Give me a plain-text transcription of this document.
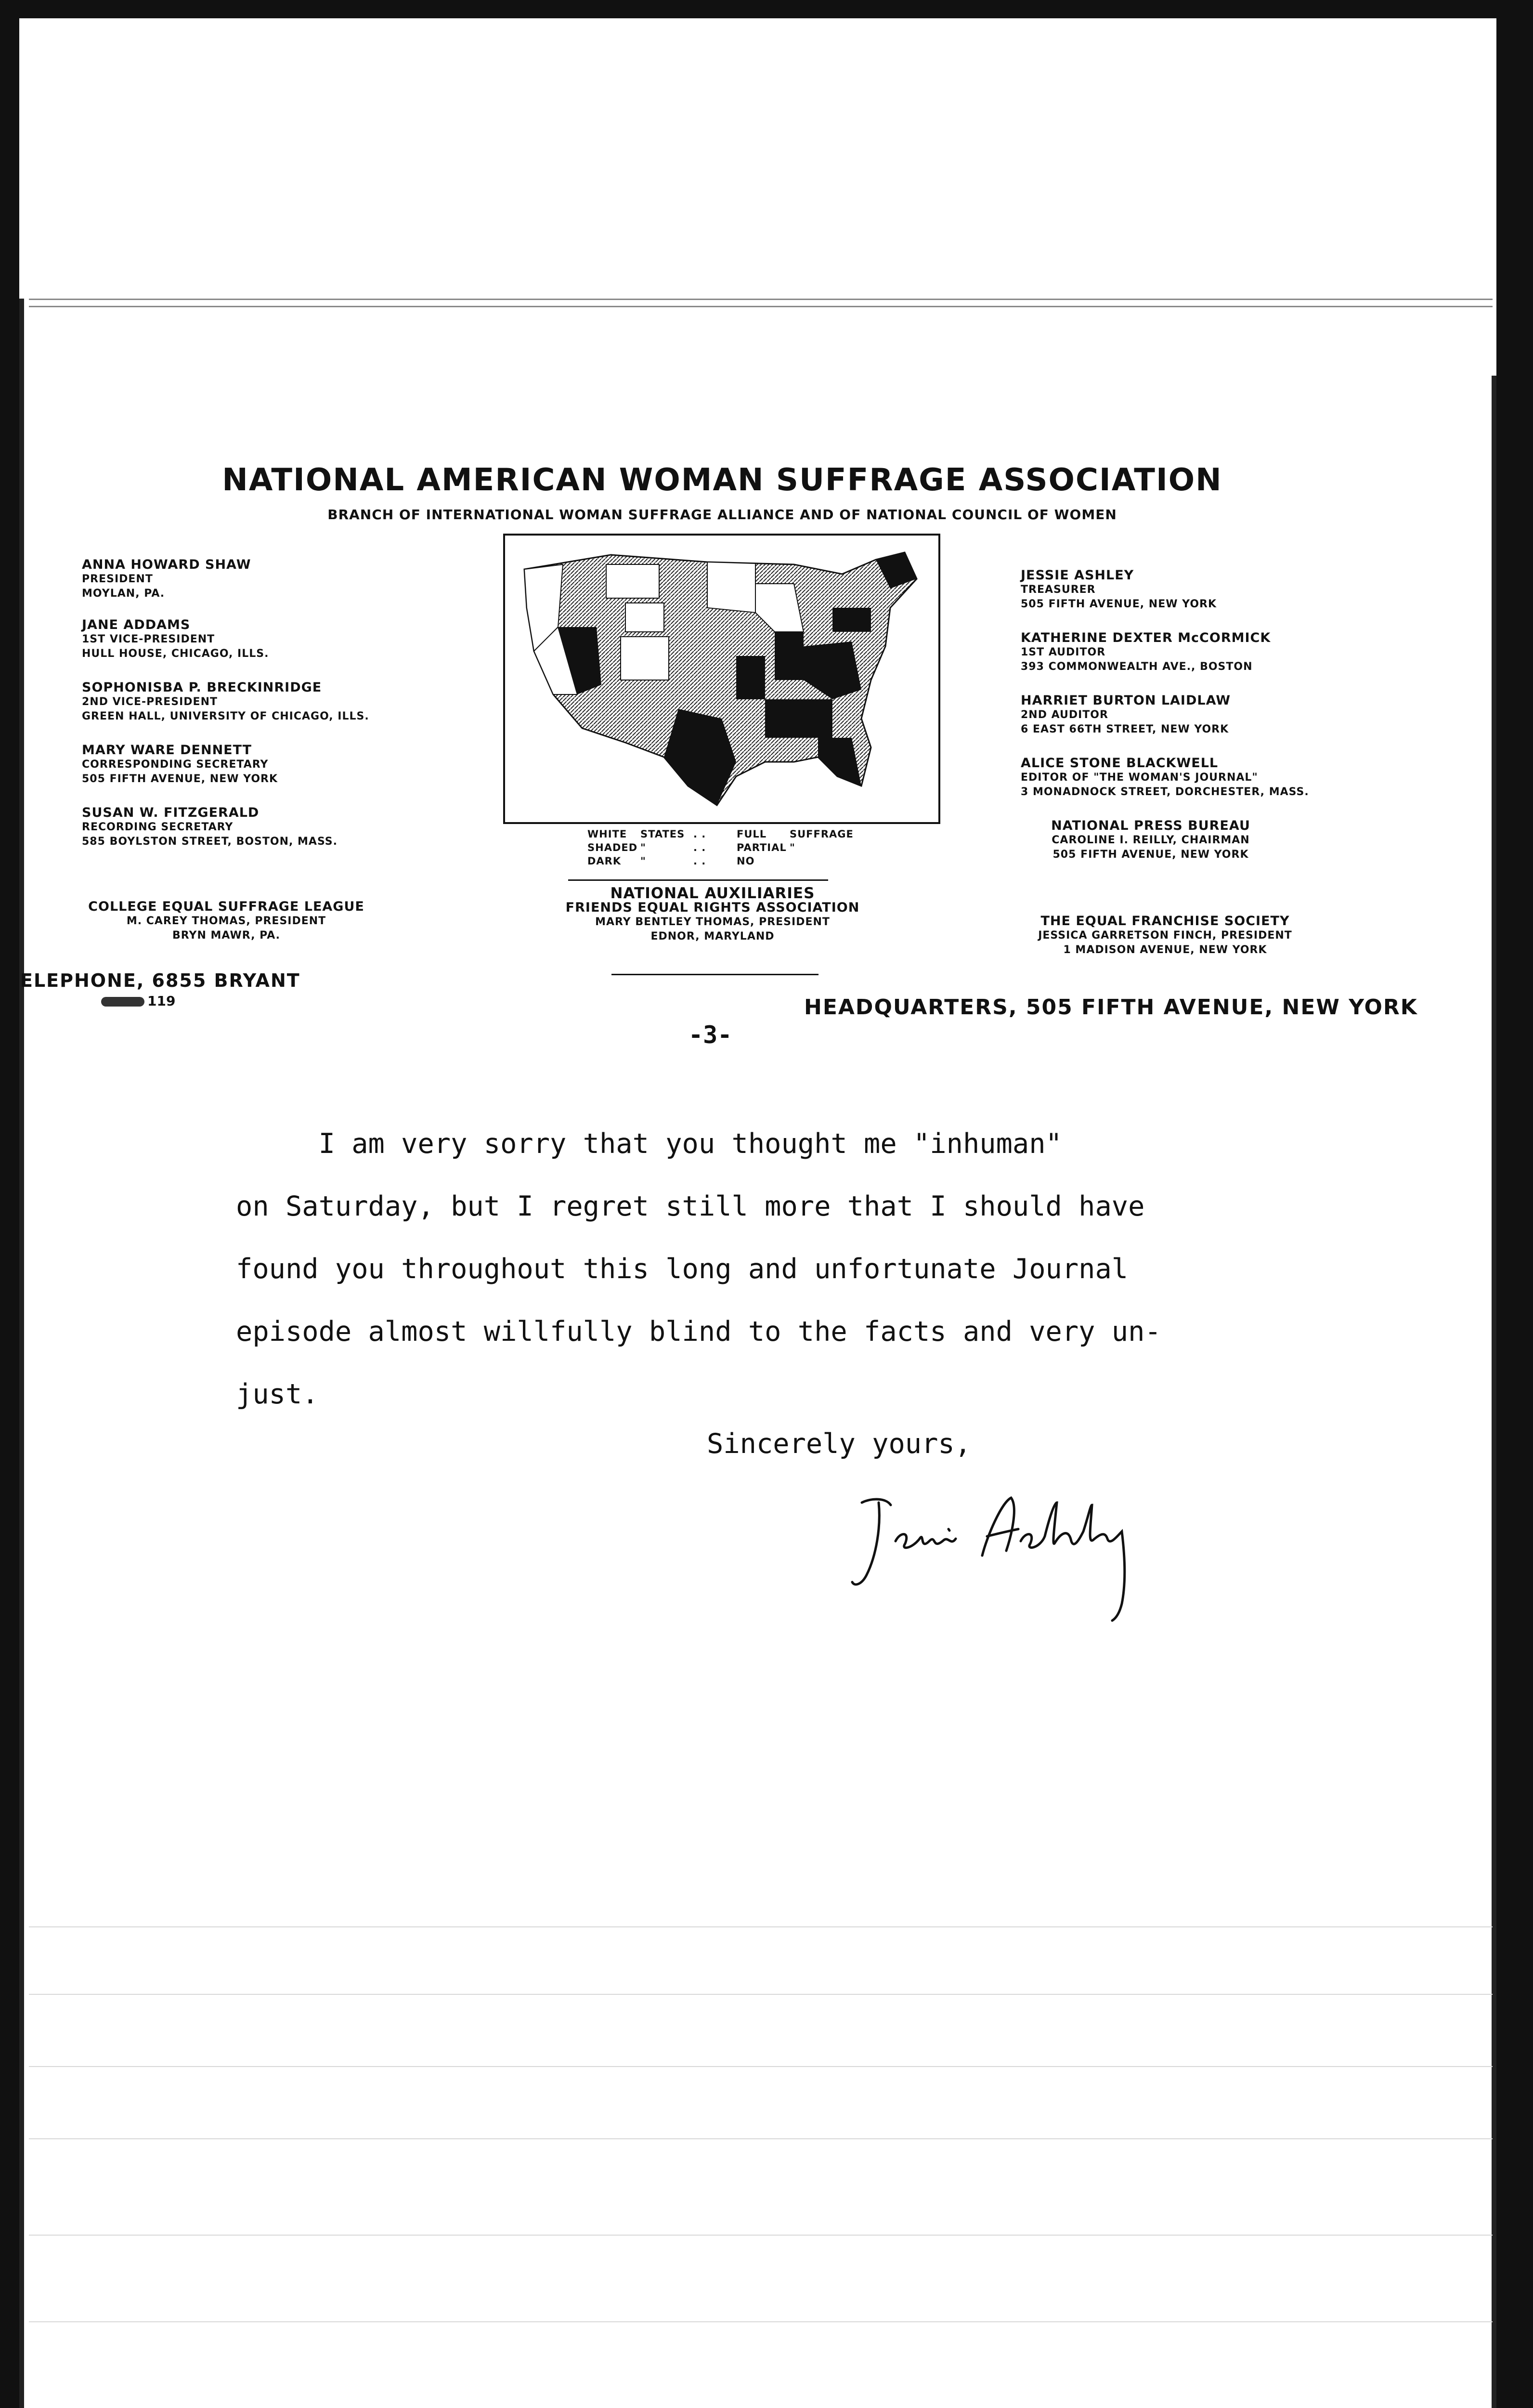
NATIONAL AMERICAN WOMAN SUFFRAGE ASSOCIATION
BRANCH OF INTERNATIONAL WOMAN SUFFRAGE ALLIANCE AND OF NATIONAL COUNCIL OF WOMEN
ANNA HOWARD SHAW
PRESIDENT
MOYLAN, PA.
JANE ADDAMS
1ST VICE-PRESIDENT
HULL HOUSE, CHICAGO, ILLS.
SOPHONISBA P. BRECKINRIDGE
2ND VICE-PRESIDENT
GREEN HALL, UNIVERSITY OF CHICAGO, ILLS.
MARY WARE DENNETT
CORRESPONDING SECRETARY
505 FIFTH AVENUE, NEW YORK
SUSAN W. FITZGERALD
RECORDING SECRETARY
585 BOYLSTON STREET, BOSTON, MASS.
COLLEGE EQUAL SUFFRAGE LEAGUE
M. CAREY THOMAS, PRESIDENT
BRYN MAWR, PA.
WHITE	STATES . .	FULL	SUFFRAGE
SHADED "	. .	PARTIAL "
DARK	"	. .	NO
NATIONAL AUXILIARIES
FRIENDS EQUAL RIGHTS ASSOCIATION
MARY BENTLEY THOMAS, PRESIDENT
EDNOR, MARYLAND
JESSIE ASHLEY
TREASURER
505 FIFTH AVENUE, NEW YORK
KATHERINE DEXTER McCORMICK
1ST AUDITOR
393 COMMONWEALTH AVE., BOSTON
HARRIET BURTON LAIDLAW
2ND AUDITOR
6 EAST 66TH STREET, NEW YORK
ALICE STONE BLACKWELL
EDITOR OF "THE WOMAN'S JOURNAL"
3 MONADNOCK STREET, DORCHESTER, MASS.
NATIONAL PRESS BUREAU
CAROLINE I. REILLY, CHAIRMAN
505 FIFTH AVENUE, NEW YORK
THE EQUAL FRANCHISE SOCIETY
JESSICA GARRETSON FINCH, PRESIDENT
1 MADISON AVENUE, NEW YORK
ELEPHONE, 6855 BRYANT
119	HEADQUARTERS, 505 FIFTH AVENUE, NEW YORK
-3-

I am very sorry that you thought me "inhuman"

on Saturday, but I regret still more that I should have

found you throughout this long and unfortunate Journal

episode almost willfully blind to the facts and very un-

just.

Sincerely yours,
